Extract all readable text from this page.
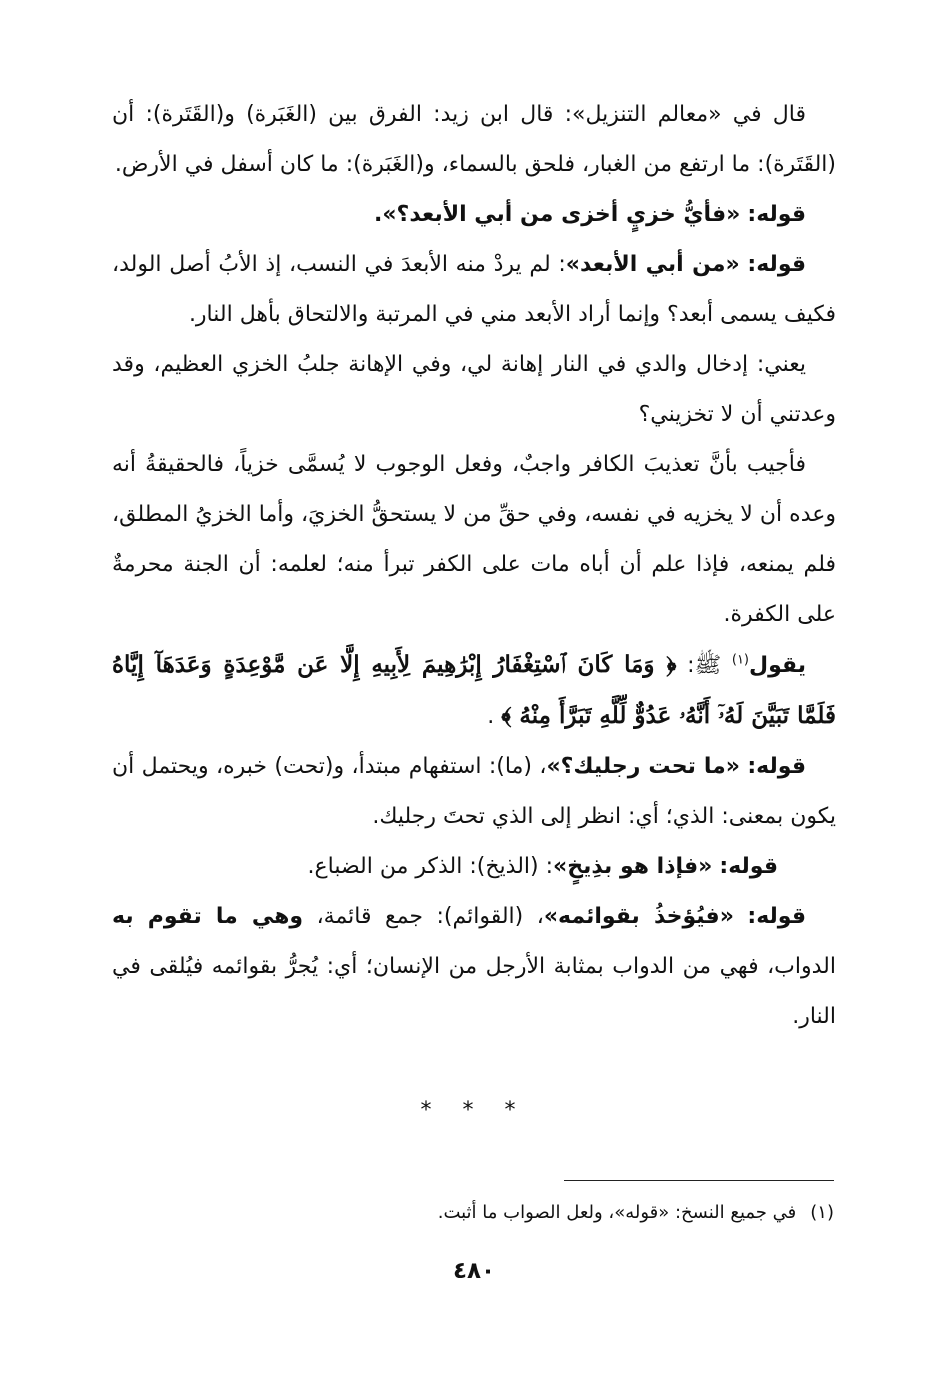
قال في «معالم التنزيل»: قال ابن زيد: الفرق بين (الغَبَرة) و(القَتَرة): أن (القَتَرة): ما ارتفع من الغبار، فلحق بالسماء، و(الغَبَرة): ما كان أسفل في الأرض.

قوله: «فأيُّ خزيٍ أخزى من أبي الأبعد؟».

قوله: «من أبي الأبعد»: لم يردْ منه الأبعدَ في النسب، إذ الأبُ أصل الولد، فكيف يسمى أبعد؟ وإنما أراد الأبعد مني في المرتبة والالتحاق بأهل النار.

يعني: إدخال والدي في النار إهانة لي، وفي الإهانة جلبُ الخزي العظيم، وقد وعدتني أن لا تخزيني؟

فأجيب بأنَّ تعذيبَ الكافر واجبٌ، وفعل الوجوب لا يُسمَّى خزياً، فالحقيقةُ أنه وعده أن لا يخزيه في نفسه، وفي حقِّ من لا يستحقُّ الخزيَ، وأما الخزيُ المطلق، فلم يمنعه، فإذا علم أن أباه مات على الكفر تبرأ منه؛ لعلمه: أن الجنة محرمةٌ على الكفرة.

يقول$^{(١)}$ ﷺ: ﴿ وَمَا كَانَ ٱسْتِغْفَارُ إِبْرَٰهِيمَ لِأَبِيهِ إِلَّا عَن مَّوْعِدَةٍ وَعَدَهَآ إِيَّاهُ فَلَمَّا تَبَيَّنَ لَهُۥٓ أَنَّهُۥ عَدُوٌّ لِّلَّهِ تَبَرَّأَ مِنْهُ ﴾ .

قوله: «ما تحت رجليك؟»، (ما): استفهام مبتدأ، و(تحت) خبره، ويحتمل أن يكون بمعنى: الذي؛ أي: انظر إلى الذي تحتَ رجليك.

قوله: «فإذا هو بذِيخٍ»: (الذيخ): الذكر من الضباع.

قوله: «فيُؤخذُ بقوائمه»، (القوائم): جمع قائمة، وهي ما تقوم به الدواب، فهي من الدواب بمثابة الأرجل من الإنسان؛ أي: يُجرُّ بقوائمه فيُلقى في النار.

* * *
(١)في جميع النسخ: «قوله»، ولعل الصواب ما أثبت.
٤٨٠
